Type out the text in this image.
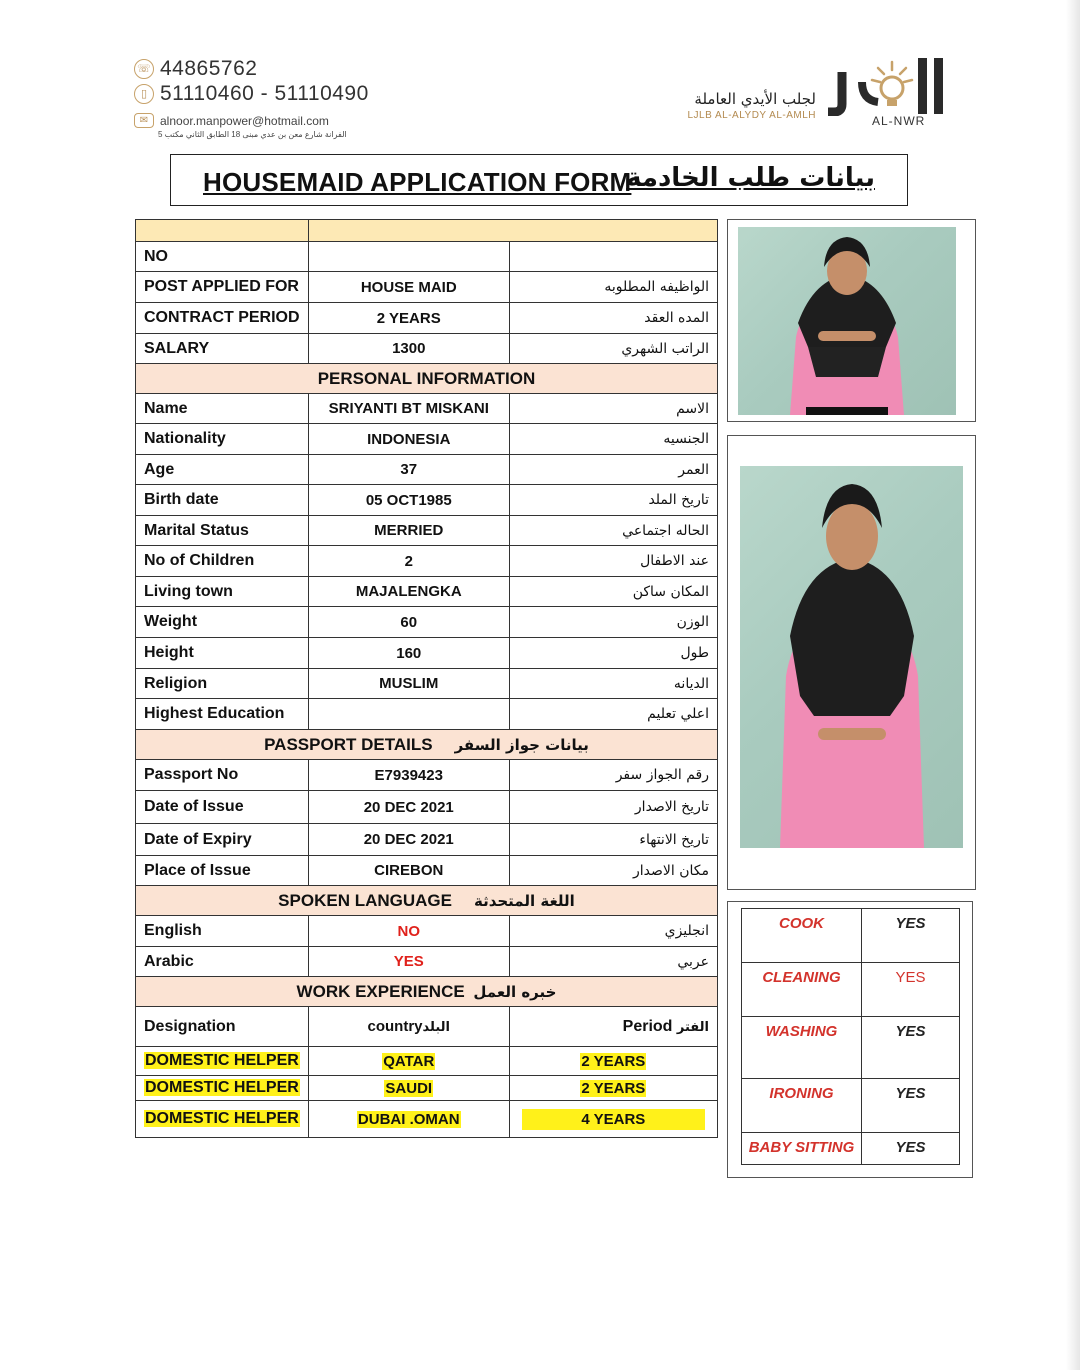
☏ 44865762
▯ 51110460 - 51110490
✉ alnoor.manpower@hotmail.com
الفرانة شارع معن بن عدي مبنى 18 الطابق الثاني مكتب 5
لجلب الأيدي العاملة
LJLB AL-ALYDY AL-AMLH	AL-NWR
HOUSEMAID APPLICATION FORM
بيانات طلب الخادمة

NO		
POST APPLIED FOR	HOUSE MAID	الواظيفه المطلوبه
CONTRACT PERIOD	2 YEARS	المده العقد
SALARY	1300	الراتب الشهري
PERSONAL INFORMATION		
Name	SRIYANTI BT MISKANI	الاسم
Nationality	INDONESIA	الجنسيه
Age	37	العمر
Birth date	05 OCT1985	تاريخ الملد
Marital Status	MERRIED	الحاله اجتماعي
No of Children	2	عند الاطفال
Living town	MAJALENGKA	المكان ساكن
Weight	60	الوزن
Height	160	طول
Religion	MUSLIM	الديانه
Highest Education		اعلي تعليم
PASSPORT DETAILS بيانات جواز السفر		
Passport No	E7939423	رقم الجواز سفر
Date of Issue	20 DEC 2021	تاريخ الاصدار
Date of Expiry	20 DEC 2021	تاريخ الانتهاء
Place of Issue	CIREBON	مكان الاصدار
SPOKEN LANGUAGE اللغة المتحدثة		
English	NO	انجليزي
Arabic	YES	عربي
WORK EXPERIENCE خبره العمل		
Designation	countryالبلد	Period الفتر
DOMESTIC HELPER	QATAR	2 YEARS
DOMESTIC HELPER	SAUDI	2 YEARS
DOMESTIC HELPER	DUBAI .OMAN	4 YEARS
COOK	YES
CLEANING	YES
WASHING	YES
IRONING	YES
BABY SITTING	YES
